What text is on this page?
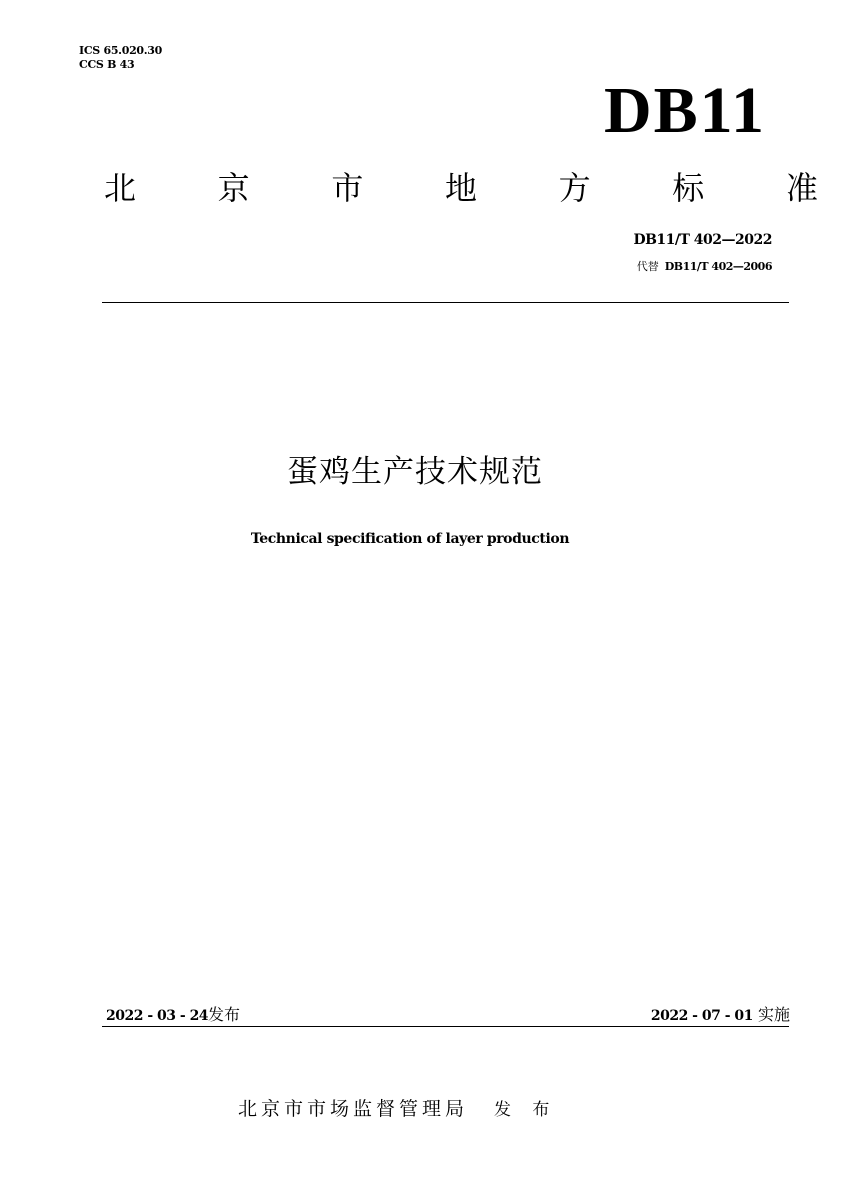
ICS 65.020.30
CCS B 43
DB11
北	京	市	地	方	标	准
DB11/T 402—2022
代替 DB11/T 402—2006
蛋鸡生产技术规范
Technical specification of layer production
2022 - 03 - 24发布	2022 - 07 - 01 实施
北京市市场监督管理局 发 布
